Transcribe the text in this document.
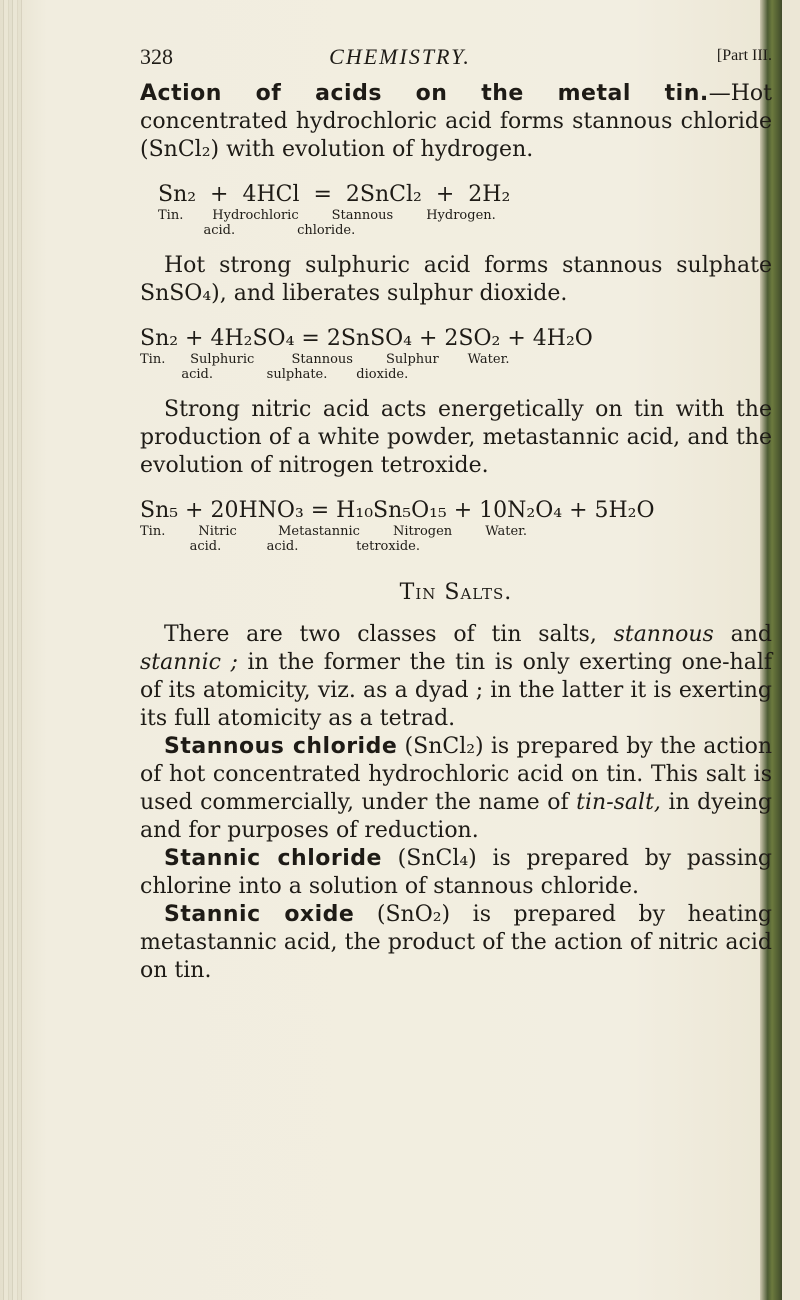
328	CHEMISTRY.	[Part III.

Action of acids on the metal tin.—Hot concentrated hydrochloric acid forms stannous chloride (SnCl₂) with evolution of hydrogen.

Sn₂  +  4HCl  =  2SnCl₂  +  2H₂
Tin.       Hydrochloric        Stannous        Hydrogen.
acid.               chloride.

Hot strong sulphuric acid forms stannous sulphate SnSO₄), and liberates sulphur dioxide.

Sn₂ + 4H₂SO₄ = 2SnSO₄ + 2SO₂ + 4H₂O
Tin.      Sulphuric         Stannous        Sulphur       Water.
acid.             sulphate.       dioxide.

Strong nitric acid acts energetically on tin with the production of a white powder, metastannic acid, and the evolution of nitrogen tetroxide.

Sn₅ + 20HNO₃ = H₁₀Sn₅O₁₅ + 10N₂O₄ + 5H₂O
Tin.        Nitric          Metastannic        Nitrogen        Water.
acid.           acid.              tetroxide.
Tin Salts.

There are two classes of tin salts, stannous and stannic ; in the former the tin is only exerting one-half of its atomicity, viz. as a dyad ; in the latter it is exerting its full atomicity as a tetrad.

Stannous chloride (SnCl₂) is prepared by the action of hot concentrated hydrochloric acid on tin. This salt is used commercially, under the name of tin-salt, in dyeing and for purposes of reduction.

Stannic chloride (SnCl₄) is prepared by passing chlorine into a solution of stannous chloride.

Stannic oxide (SnO₂) is prepared by heating metastannic acid, the product of the action of nitric acid on tin.
